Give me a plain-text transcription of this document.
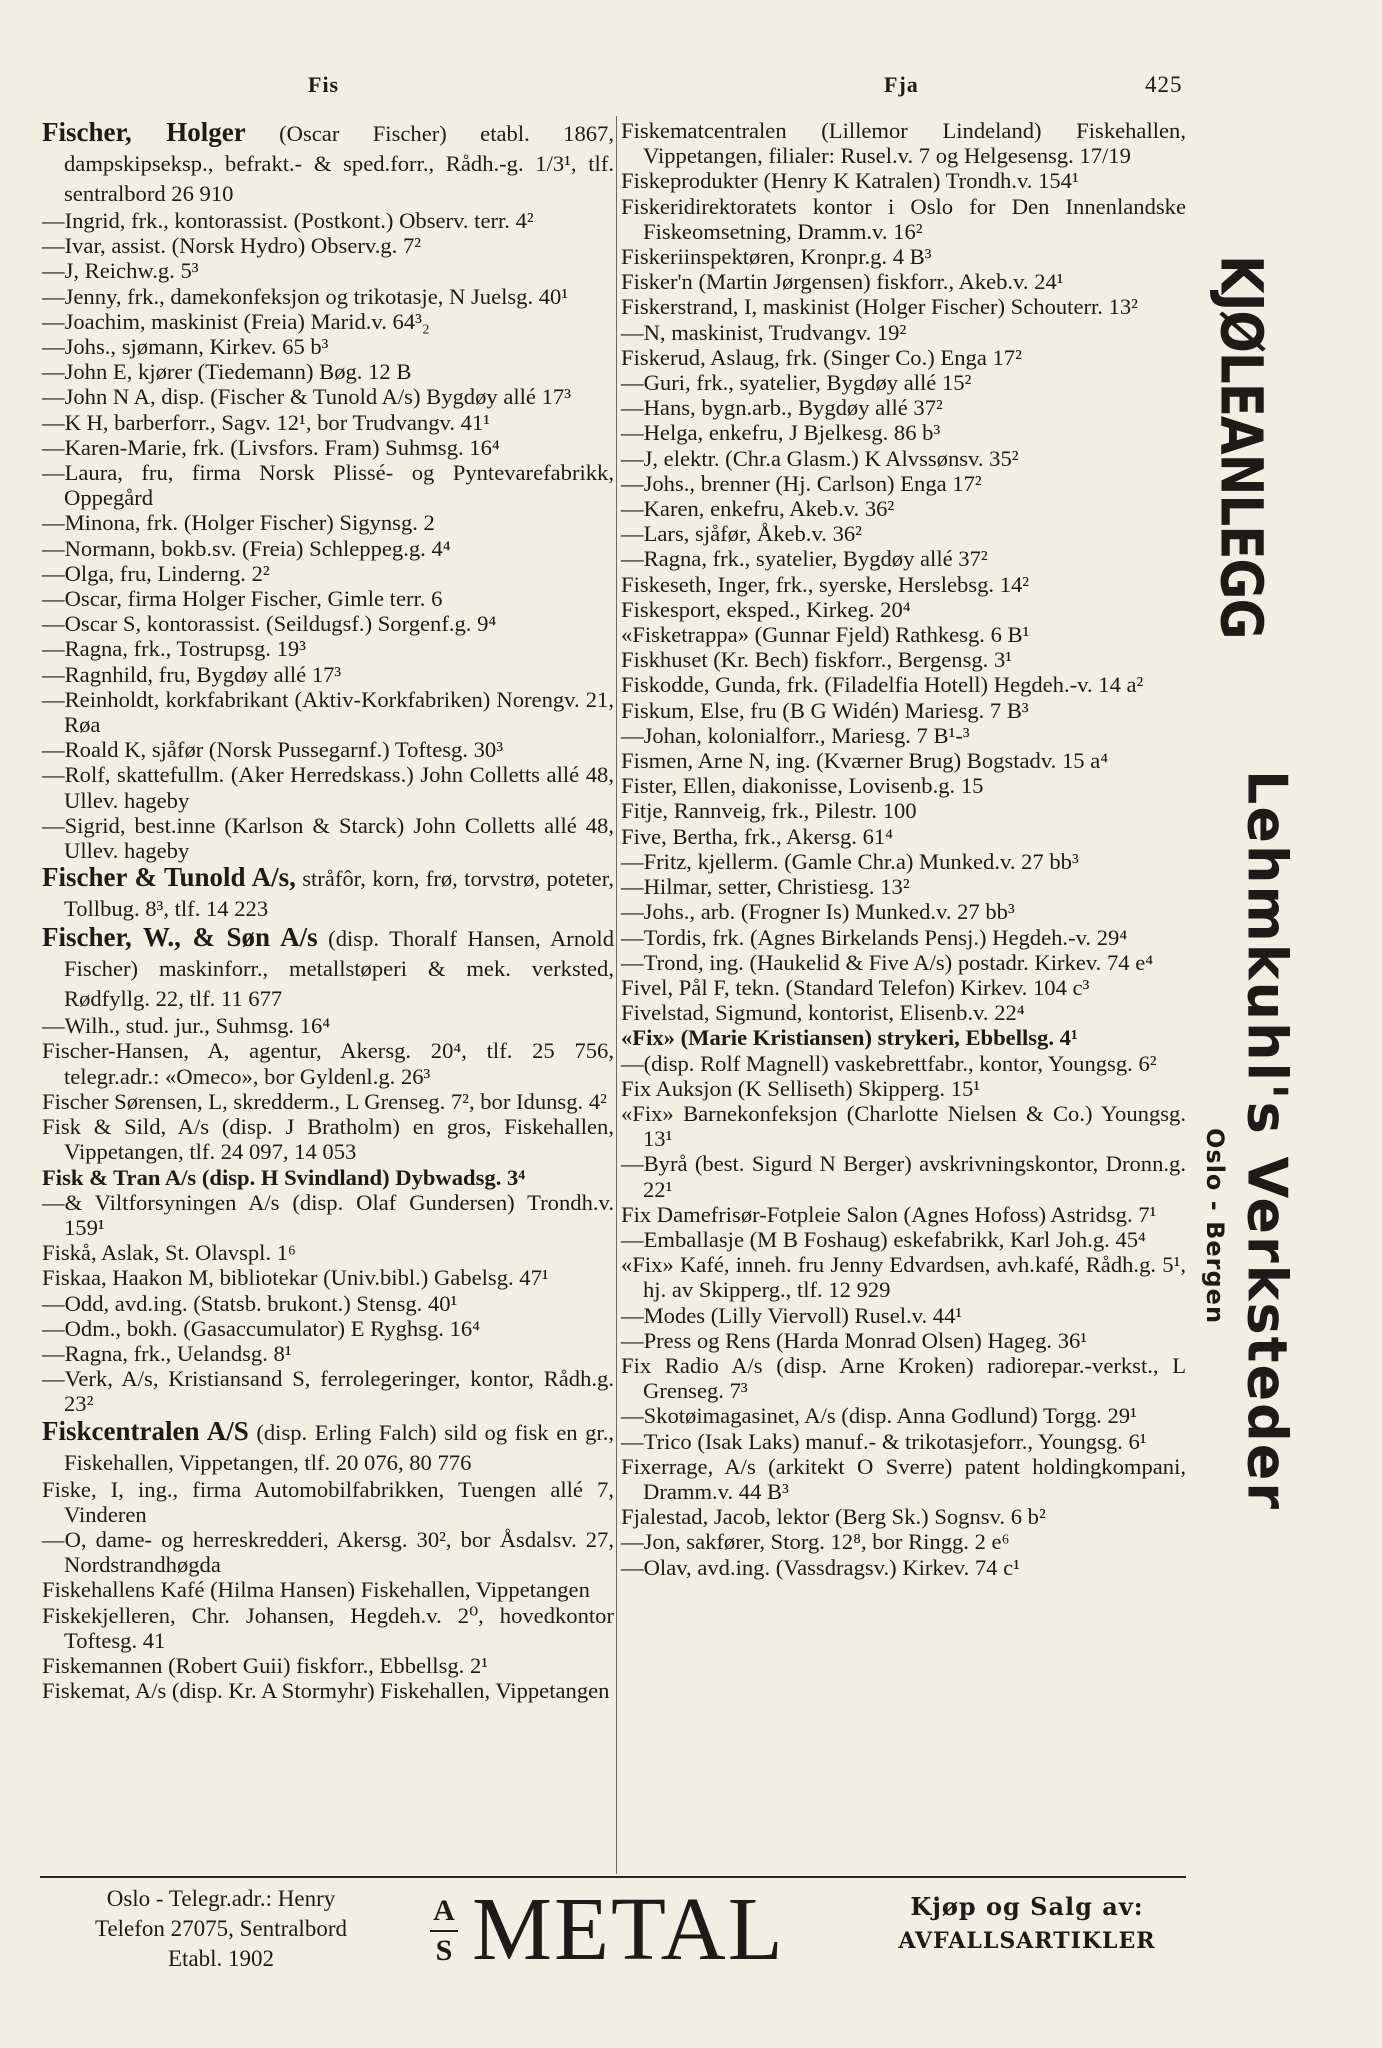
Fis	Fja	425

Fischer, Holger (Oscar Fischer) etabl. 1867, dampskipseksp., befrakt.- & sped.forr., Rådh.-g. 1/3¹, tlf. sentralbord 26 910

—Ingrid, frk., kontorassist. (Postkont.) Observ. terr. 4²

—Ivar, assist. (Norsk Hydro) Observ.g. 7²

—J, Reichw.g. 5³

—Jenny, frk., damekonfeksjon og trikotasje, N Juelsg. 40¹

—Joachim, maskinist (Freia) Marid.v. 64³₂

—Johs., sjømann, Kirkev. 65 b³

—John E, kjører (Tiedemann) Bøg. 12 B

—John N A, disp. (Fischer & Tunold A/s) Bygdøy allé 17³

—K H, barberforr., Sagv. 12¹, bor Trudvangv. 41¹

—Karen-Marie, frk. (Livsfors. Fram) Suhmsg. 16⁴

—Laura, fru, firma Norsk Plissé- og Pyntevarefabrikk, Oppegård

—Minona, frk. (Holger Fischer) Sigynsg. 2

—Normann, bokb.sv. (Freia) Schleppeg.g. 4⁴

—Olga, fru, Linderng. 2²

—Oscar, firma Holger Fischer, Gimle terr. 6

—Oscar S, kontorassist. (Seildugsf.) Sorgenf.g. 9⁴

—Ragna, frk., Tostrupsg. 19³

—Ragnhild, fru, Bygdøy allé 17³

—Reinholdt, korkfabrikant (Aktiv-Korkfabriken) Norengv. 21, Røa

—Roald K, sjåfør (Norsk Pussegarnf.) Toftesg. 30³

—Rolf, skattefullm. (Aker Herredskass.) John Colletts allé 48, Ullev. hageby

—Sigrid, best.inne (Karlson & Starck) John Colletts allé 48, Ullev. hageby

Fischer & Tunold A/s, stråfôr, korn, frø, torvstrø, poteter, Tollbug. 8³, tlf. 14 223

Fischer, W., & Søn A/s (disp. Thoralf Hansen, Arnold Fischer) maskinforr., metallstøperi & mek. verksted, Rødfyllg. 22, tlf. 11 677

—Wilh., stud. jur., Suhmsg. 16⁴

Fischer-Hansen, A, agentur, Akersg. 20⁴, tlf. 25 756, telegr.adr.: «Omeco», bor Gyldenl.g. 26³

Fischer Sørensen, L, skredderm., L Grenseg. 7², bor Idunsg. 4²

Fisk & Sild, A/s (disp. J Bratholm) en gros, Fiskehallen, Vippetangen, tlf. 24 097, 14 053

Fisk & Tran A/s (disp. H Svindland) Dybwadsg. 3⁴

—& Viltforsyningen A/s (disp. Olaf Gundersen) Trondh.v. 159¹

Fiskå, Aslak, St. Olavspl. 1⁶

Fiskaa, Haakon M, bibliotekar (Univ.bibl.) Gabelsg. 47¹

—Odd, avd.ing. (Statsb. brukont.) Stensg. 40¹

—Odm., bokh. (Gasaccumulator) E Ryghsg. 16⁴

—Ragna, frk., Uelandsg. 8¹

—Verk, A/s, Kristiansand S, ferrolegeringer, kontor, Rådh.g. 23²

Fiskcentralen A/S (disp. Erling Falch) sild og fisk en gr., Fiskehallen, Vippetangen, tlf. 20 076, 80 776

Fiske, I, ing., firma Automobilfabrikken, Tuengen allé 7, Vinderen

—O, dame- og herreskredderi, Akersg. 30², bor Åsdalsv. 27, Nordstrandhøgda

Fiskehallens Kafé (Hilma Hansen) Fiskehallen, Vippetangen

Fiskekjelleren, Chr. Johansen, Hegdeh.v. 2⁰, hovedkontor Toftesg. 41

Fiskemannen (Robert Guii) fiskforr., Ebbellsg. 2¹

Fiskemat, A/s (disp. Kr. A Stormyhr) Fiskehallen, Vippetangen

Fiskematcentralen (Lillemor Lindeland) Fiskehallen, Vippetangen, filialer: Rusel.v. 7 og Helgesensg. 17/19

Fiskeprodukter (Henry K Katralen) Trondh.v. 154¹

Fiskeridirektoratets kontor i Oslo for Den Innenlandske Fiskeomsetning, Dramm.v. 16²

Fiskeriinspektøren, Kronpr.g. 4 B³

Fisker'n (Martin Jørgensen) fiskforr., Akeb.v. 24¹

Fiskerstrand, I, maskinist (Holger Fischer) Schouterr. 13²

—N, maskinist, Trudvangv. 19²

Fiskerud, Aslaug, frk. (Singer Co.) Enga 17²

—Guri, frk., syatelier, Bygdøy allé 15²

—Hans, bygn.arb., Bygdøy allé 37²

—Helga, enkefru, J Bjelkesg. 86 b³

—J, elektr. (Chr.a Glasm.) K Alvssønsv. 35²

—Johs., brenner (Hj. Carlson) Enga 17²

—Karen, enkefru, Akeb.v. 36²

—Lars, sjåfør, Åkeb.v. 36²

—Ragna, frk., syatelier, Bygdøy allé 37²

Fiskeseth, Inger, frk., syerske, Herslebsg. 14²

Fiskesport, eksped., Kirkeg. 20⁴

«Fisketrappa» (Gunnar Fjeld) Rathkesg. 6 B¹

Fiskhuset (Kr. Bech) fiskforr., Bergensg. 3¹

Fiskodde, Gunda, frk. (Filadelfia Hotell) Hegdeh.-v. 14 a²

Fiskum, Else, fru (B G Widén) Mariesg. 7 B³

—Johan, kolonialforr., Mariesg. 7 B¹-³

Fismen, Arne N, ing. (Kværner Brug) Bogstadv. 15 a⁴

Fister, Ellen, diakonisse, Lovisenb.g. 15

Fitje, Rannveig, frk., Pilestr. 100

Five, Bertha, frk., Akersg. 61⁴

—Fritz, kjellerm. (Gamle Chr.a) Munked.v. 27 bb³

—Hilmar, setter, Christiesg. 13²

—Johs., arb. (Frogner Is) Munked.v. 27 bb³

—Tordis, frk. (Agnes Birkelands Pensj.) Hegdeh.-v. 29⁴

—Trond, ing. (Haukelid & Five A/s) postadr. Kirkev. 74 e⁴

Fivel, Pål F, tekn. (Standard Telefon) Kirkev. 104 c³

Fivelstad, Sigmund, kontorist, Elisenb.v. 22⁴

«Fix» (Marie Kristiansen) strykeri, Ebbellsg. 4¹

—(disp. Rolf Magnell) vaskebrettfabr., kontor, Youngsg. 6²

Fix Auksjon (K Selliseth) Skipperg. 15¹

«Fix» Barnekonfeksjon (Charlotte Nielsen & Co.) Youngsg. 13¹

—Byrå (best. Sigurd N Berger) avskrivningskontor, Dronn.g. 22¹

Fix Damefrisør-Fotpleie Salon (Agnes Hofoss) Astridsg. 7¹

—Emballasje (M B Foshaug) eskefabrikk, Karl Joh.g. 45⁴

«Fix» Kafé, inneh. fru Jenny Edvardsen, avh.kafé, Rådh.g. 5¹, hj. av Skipperg., tlf. 12 929

—Modes (Lilly Viervoll) Rusel.v. 44¹

—Press og Rens (Harda Monrad Olsen) Hageg. 36¹

Fix Radio A/s (disp. Arne Kroken) radiorepar.-verkst., L Grenseg. 7³

—Skotøimagasinet, A/s (disp. Anna Godlund) Torgg. 29¹

—Trico (Isak Laks) manuf.- & trikotasjeforr., Youngsg. 6¹

Fixerrage, A/s (arkitekt O Sverre) patent holdingkompani, Dramm.v. 44 B³

Fjalestad, Jacob, lektor (Berg Sk.) Sognsv. 6 b²

—Jon, sakfører, Storg. 12⁸, bor Ringg. 2 e⁶

—Olav, avd.ing. (Vassdragsv.) Kirkev. 74 c¹

KJØLEANLEGG
Lehmkuhl's Verksteder
Oslo - Bergen
Oslo - Telegr.adr.: Henry
Telefon 27075, Sentralbord
Etabl. 1902
A
S METAL	Kjøp og Salg av:
AVFALLSARTIKLER
